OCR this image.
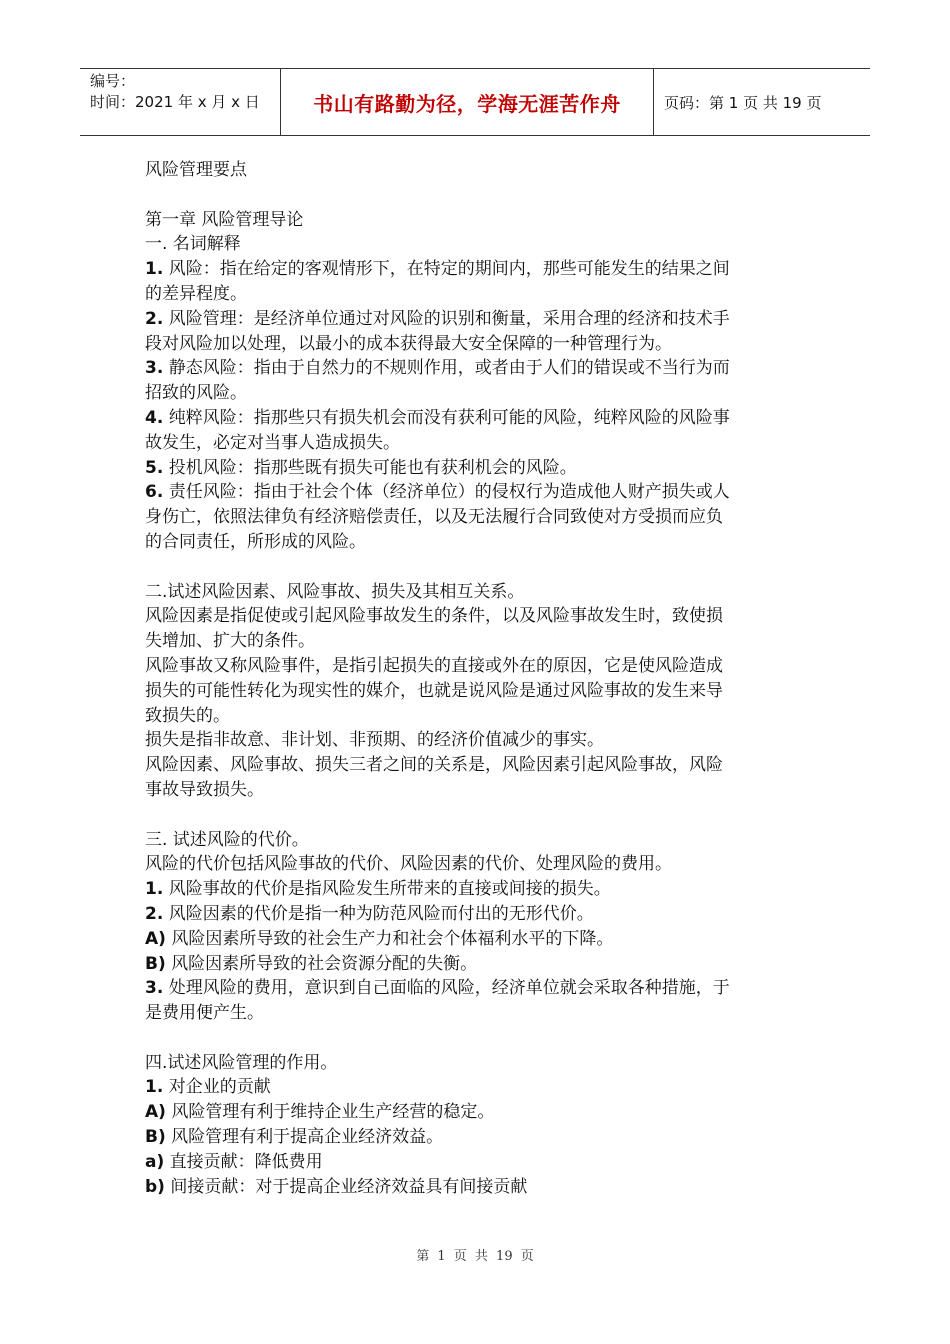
编号：
时间：2021 年 x 月 x 日	书山有路勤为径，学海无涯苦作舟	页码：第 1 页 共 19 页

风险管理要点

第一章 风险管理导论

一. 名词解释

1. 风险：指在给定的客观情形下，在特定的期间内，那些可能发生的结果之间

的差异程度。

2. 风险管理：是经济单位通过对风险的识别和衡量，采用合理的经济和技术手

段对风险加以处理，以最小的成本获得最大安全保障的一种管理行为。

3. 静态风险：指由于自然力的不规则作用，或者由于人们的错误或不当行为而

招致的风险。

4. 纯粹风险：指那些只有损失机会而没有获利可能的风险，纯粹风险的风险事

故发生，必定对当事人造成损失。

5. 投机风险：指那些既有损失可能也有获利机会的风险。

6. 责任风险：指由于社会个体（经济单位）的侵权行为造成他人财产损失或人

身伤亡，依照法律负有经济赔偿责任，以及无法履行合同致使对方受损而应负

的合同责任，所形成的风险。

二.试述风险因素、风险事故、损失及其相互关系。

风险因素是指促使或引起风险事故发生的条件，以及风险事故发生时，致使损

失增加、扩大的条件。

风险事故又称风险事件，是指引起损失的直接或外在的原因，它是使风险造成

损失的可能性转化为现实性的媒介，也就是说风险是通过风险事故的发生来导

致损失的。

损失是指非故意、非计划、非预期、的经济价值减少的事实。

风险因素、风险事故、损失三者之间的关系是，风险因素引起风险事故，风险

事故导致损失。

三. 试述风险的代价。

风险的代价包括风险事故的代价、风险因素的代价、处理风险的费用。

1. 风险事故的代价是指风险发生所带来的直接或间接的损失。

2. 风险因素的代价是指一种为防范风险而付出的无形代价。

A) 风险因素所导致的社会生产力和社会个体福利水平的下降。

B) 风险因素所导致的社会资源分配的失衡。

3. 处理风险的费用，意识到自己面临的风险，经济单位就会采取各种措施，于

是费用便产生。

四.试述风险管理的作用。

1. 对企业的贡献

A) 风险管理有利于维持企业生产经营的稳定。

B) 风险管理有利于提高企业经济效益。

a) 直接贡献：降低费用

b) 间接贡献：对于提高企业经济效益具有间接贡献

第 1 页 共 19 页
